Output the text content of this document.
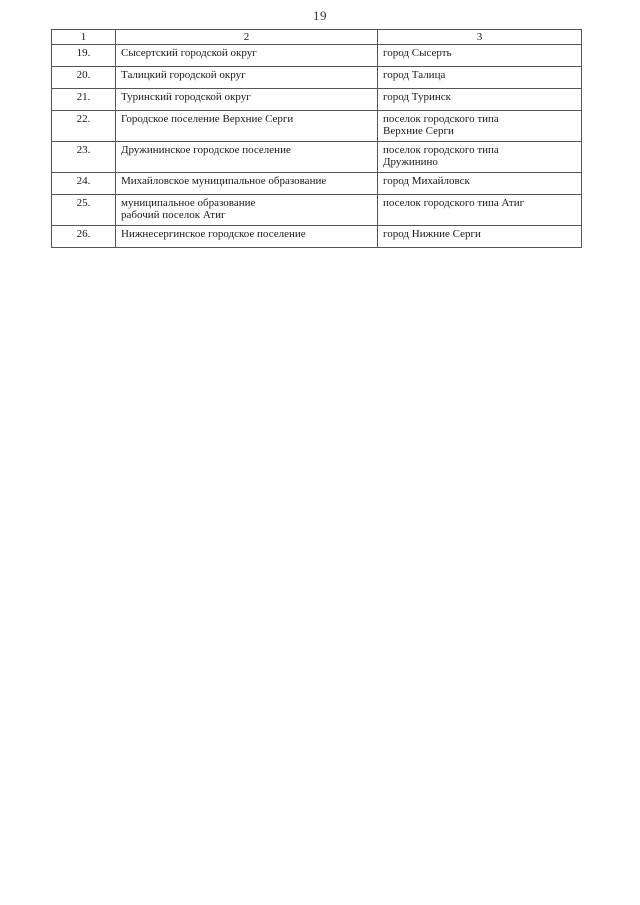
19
1	2	3
19.	Сысертский городской округ	город Сысерть
20.	Талицкий городской округ	город Талица
21.	Туринский городской округ	город Туринск
22.	Городское поселение Верхние Серги	поселок городского типа
Верхние Серги
23.	Дружининское городское поселение	поселок городского типа
Дружинино
24.	Михайловское муниципальное образование	город Михайловск
25.	муниципальное образование
рабочий поселок Атиг	поселок городского типа Атиг
26.	Нижнесергинское городское поселение	город Нижние Серги
